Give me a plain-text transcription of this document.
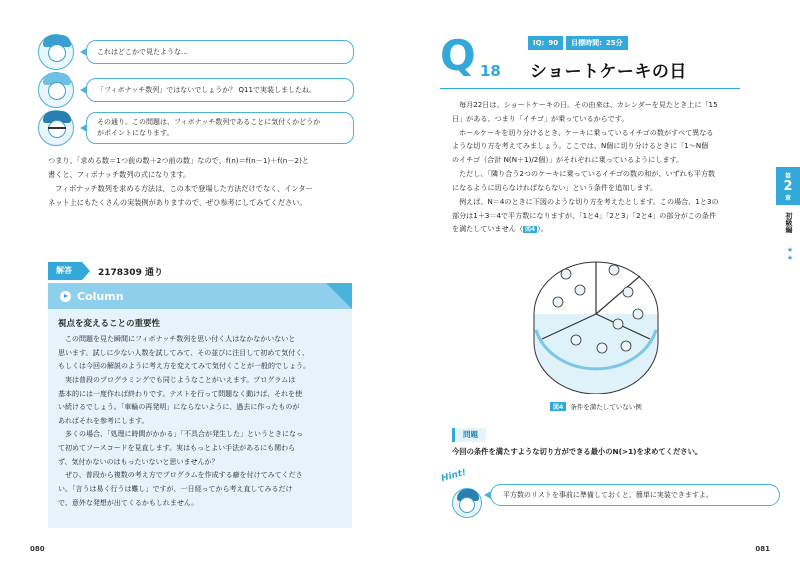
これはどこかで見たような…
「フィボナッチ数列」ではないでしょうか？ Q11で実装しましたね。
その通り。この問題は、フィボナッチ数列であることに気付くかどうか
がポイントになります。
つまり、「求める数＝1つ前の数＋2つ前の数」なので、f(n)＝f(n－1)＋f(n－2)と
書くと、フィボナッチ数列の式になります。
　フィボナッチ数列を求める方法は、この本で登場した方法だけでなく、インター
ネット上にもたくさんの実装例がありますので、ぜひ参考にしてみてください。
解答	2178309 通り
Column
視点を変えることの重要性
　この問題を見た瞬間にフィボナッチ数列を思い付く人はなかなかいないと
思います。試しに少ない人数を試してみて、その並びに注目して初めて気付く、
もしくは今回の解説のように考え方を変えてみて気付くことが一般的でしょう。
　実は普段のプログラミングでも同じようなことがいえます。プログラムは
基本的には一度作れば終わりです。テストを行って問題なく動けば、それを使
い続けるでしょう。「車輪の再発明」にならないように、過去に作ったものが
あればそれを参考にします。
　多くの場合、「処理に時間がかかる」「不具合が発生した」というときになっ
て初めてソースコードを見直します。実はもっとよい手法があるにも関わら
ず、気付かないのはもったいないと思いませんか？
　ぜひ、普段から複数の考え方でプログラムを作成する癖を付けてみてくださ
い。「言うは易く行うは難し」ですが、一日経ってから考え直してみるだけ
で、意外な発想が出てくるかもしれません。
080
Q 18
IQ: 90	目標時間: 25分
ショートケーキの日
　毎月22日は、ショートケーキの日。その由来は、カレンダーを見たとき上に「15
日」がある、つまり「イチゴ」が乗っているからです。
　ホールケーキを切り分けるとき、ケーキに乗っているイチゴの数がすべて異なる
ような切り方を考えてみましょう。ここでは、N個に切り分けるときに「1～N個
のイチゴ（合計 N(N＋1)/2個）」がそれぞれに乗っているようにします。
　ただし、「隣り合う2つのケーキに乗っているイチゴの数の和が、いずれも平方数
になるように切らなければならない」という条件を追加します。
　例えば、N＝4のときに下図のような切り方を考えたとします。この場合、1と3の
部分は1＋3＝4で平方数になりますが、「1と4」「2と3」「2と4」の部分がこの条件
を満たしていません（ 図4 ）。
図4	条件を満たしていない例
問題
今回の条件を満たすような切り方ができる最小のN(>1)を求めてください。
Hint!
平方数のリストを事前に準備しておくと、簡単に実装できますよ。
第
2
章
初級編
★★
081
